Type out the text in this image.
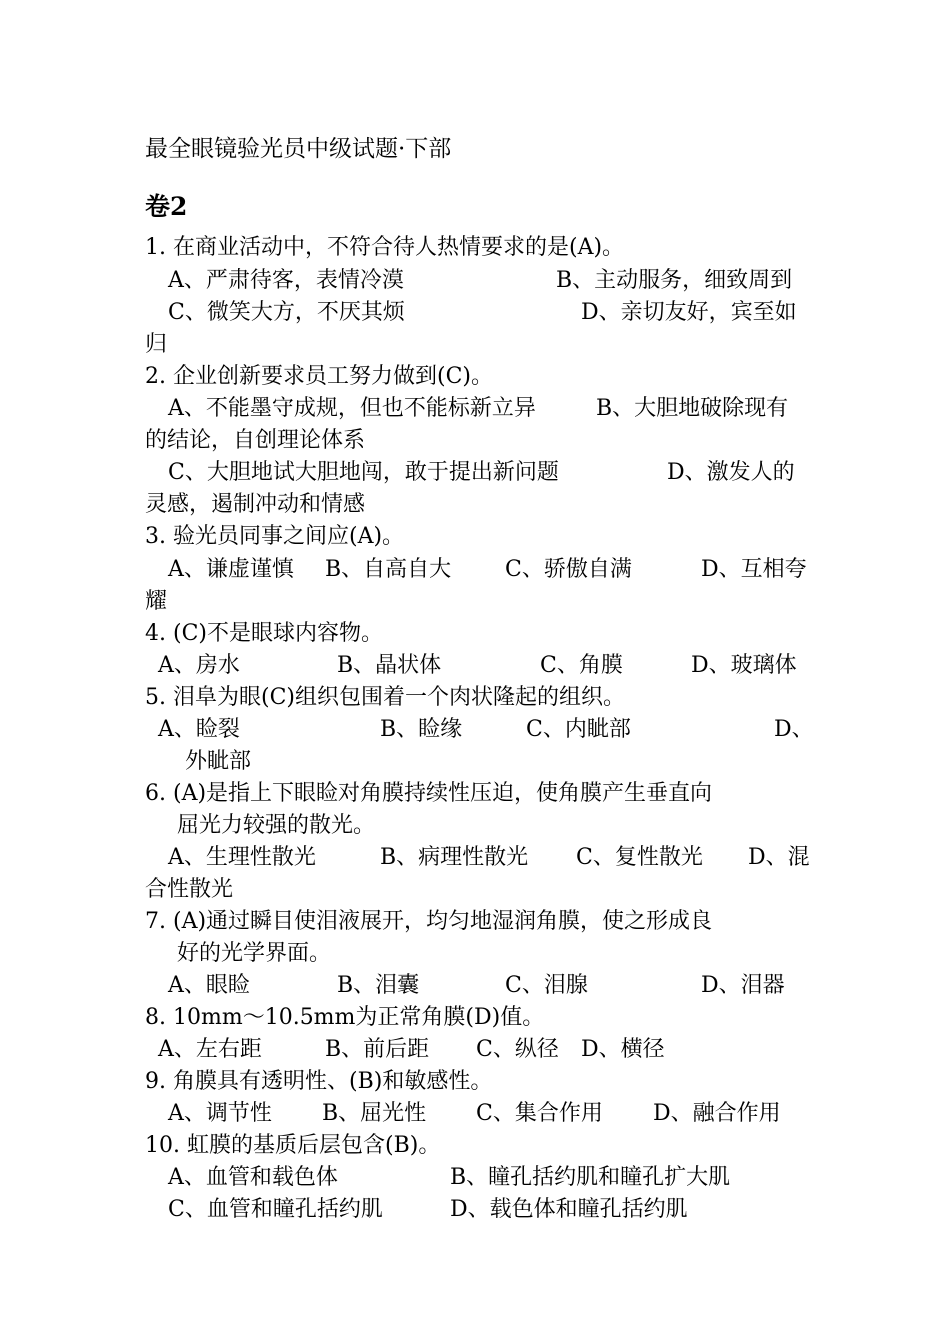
最全眼镜验光员中级试题·下部
卷2
1. 在商业活动中，不符合待人热情要求的是(A)。
A、严肃待客，表情冷漠	B、主动服务，细致周到
C、微笑大方，不厌其烦	D、亲切友好，宾至如
归
2. 企业创新要求员工努力做到(C)。
A、不能墨守成规，但也不能标新立异	B、大胆地破除现有
的结论，自创理论体系
C、大胆地试大胆地闯，敢于提出新问题	D、激发人的
灵感，遏制冲动和情感
3. 验光员同事之间应(A)。
A、谦虚谨慎 B、自高自大 C、骄傲自满	D、互相夸
耀
4. (C)不是眼球内容物。
A、房水	B、晶状体	C、角膜	D、玻璃体
5. 泪阜为眼(C)组织包围着一个肉状隆起的组织。
A、睑裂	B、睑缘	C、内眦部	D、
外眦部
6. (A)是指上下眼睑对角膜持续性压迫，使角膜产生垂直向
屈光力较强的散光。
A、生理性散光	B、病理性散光 C、复性散光 D、混
合性散光
7. (A)通过瞬目使泪液展开，均匀地湿润角膜，使之形成良
好的光学界面。
A、眼睑	B、泪囊	C、泪腺	D、泪器
8. 10mm～10.5mm为正常角膜(D)值。
A、左右距	B、前后距 C、纵径 D、横径
9. 角膜具有透明性、(B)和敏感性。
A、调节性 B、屈光性 C、集合作用 D、融合作用
10. 虹膜的基质后层包含(B)。
A、血管和载色体	B、瞳孔括约肌和瞳孔扩大肌
C、血管和瞳孔括约肌	D、载色体和瞳孔括约肌
